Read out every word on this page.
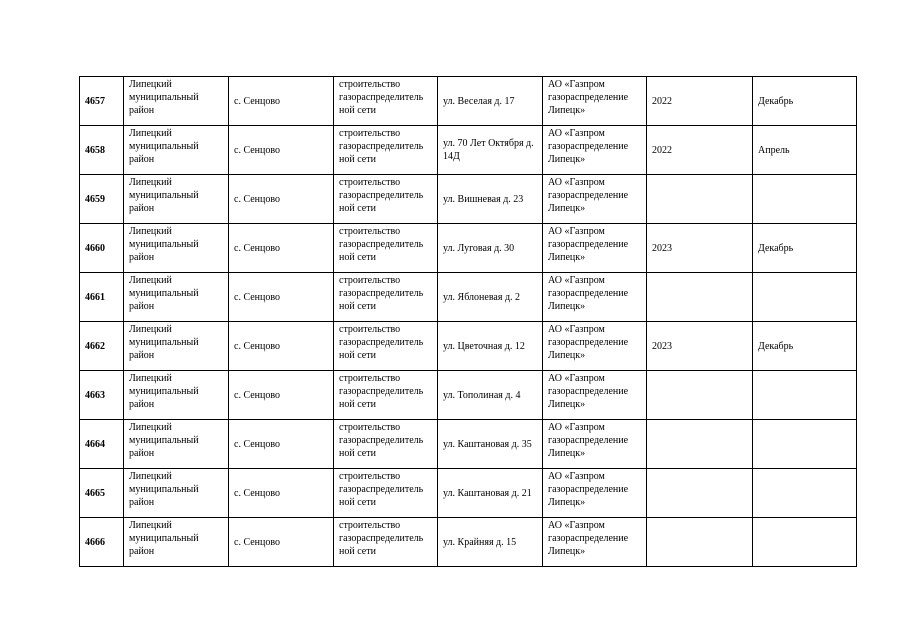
4657	Липецкий муниципальный район	с. Сенцово	строительство газораспределитель ной сети	ул. Веселая д. 17	АО «Газпром газораспределение Липецк»	2022	Декабрь
4658	Липецкий муниципальный район	с. Сенцово	строительство газораспределитель ной сети	ул. 70 Лет Октября д. 14Д	АО «Газпром газораспределение Липецк»	2022	Апрель
4659	Липецкий муниципальный район	с. Сенцово	строительство газораспределитель ной сети	ул. Вишневая д. 23	АО «Газпром газораспределение Липецк»		
4660	Липецкий муниципальный район	с. Сенцово	строительство газораспределитель ной сети	ул. Луговая д. 30	АО «Газпром газораспределение Липецк»	2023	Декабрь
4661	Липецкий муниципальный район	с. Сенцово	строительство газораспределитель ной сети	ул. Яблоневая д. 2	АО «Газпром газораспределение Липецк»		
4662	Липецкий муниципальный район	с. Сенцово	строительство газораспределитель ной сети	ул. Цветочная д. 12	АО «Газпром газораспределение Липецк»	2023	Декабрь
4663	Липецкий муниципальный район	с. Сенцово	строительство газораспределитель ной сети	ул. Тополиная д. 4	АО «Газпром газораспределение Липецк»		
4664	Липецкий муниципальный район	с. Сенцово	строительство газораспределитель ной сети	ул. Каштановая д. 35	АО «Газпром газораспределение Липецк»		
4665	Липецкий муниципальный район	с. Сенцово	строительство газораспределитель ной сети	ул. Каштановая д. 21	АО «Газпром газораспределение Липецк»		
4666	Липецкий муниципальный район	с. Сенцово	строительство газораспределитель ной сети	ул. Крайняя д. 15	АО «Газпром газораспределение Липецк»		
